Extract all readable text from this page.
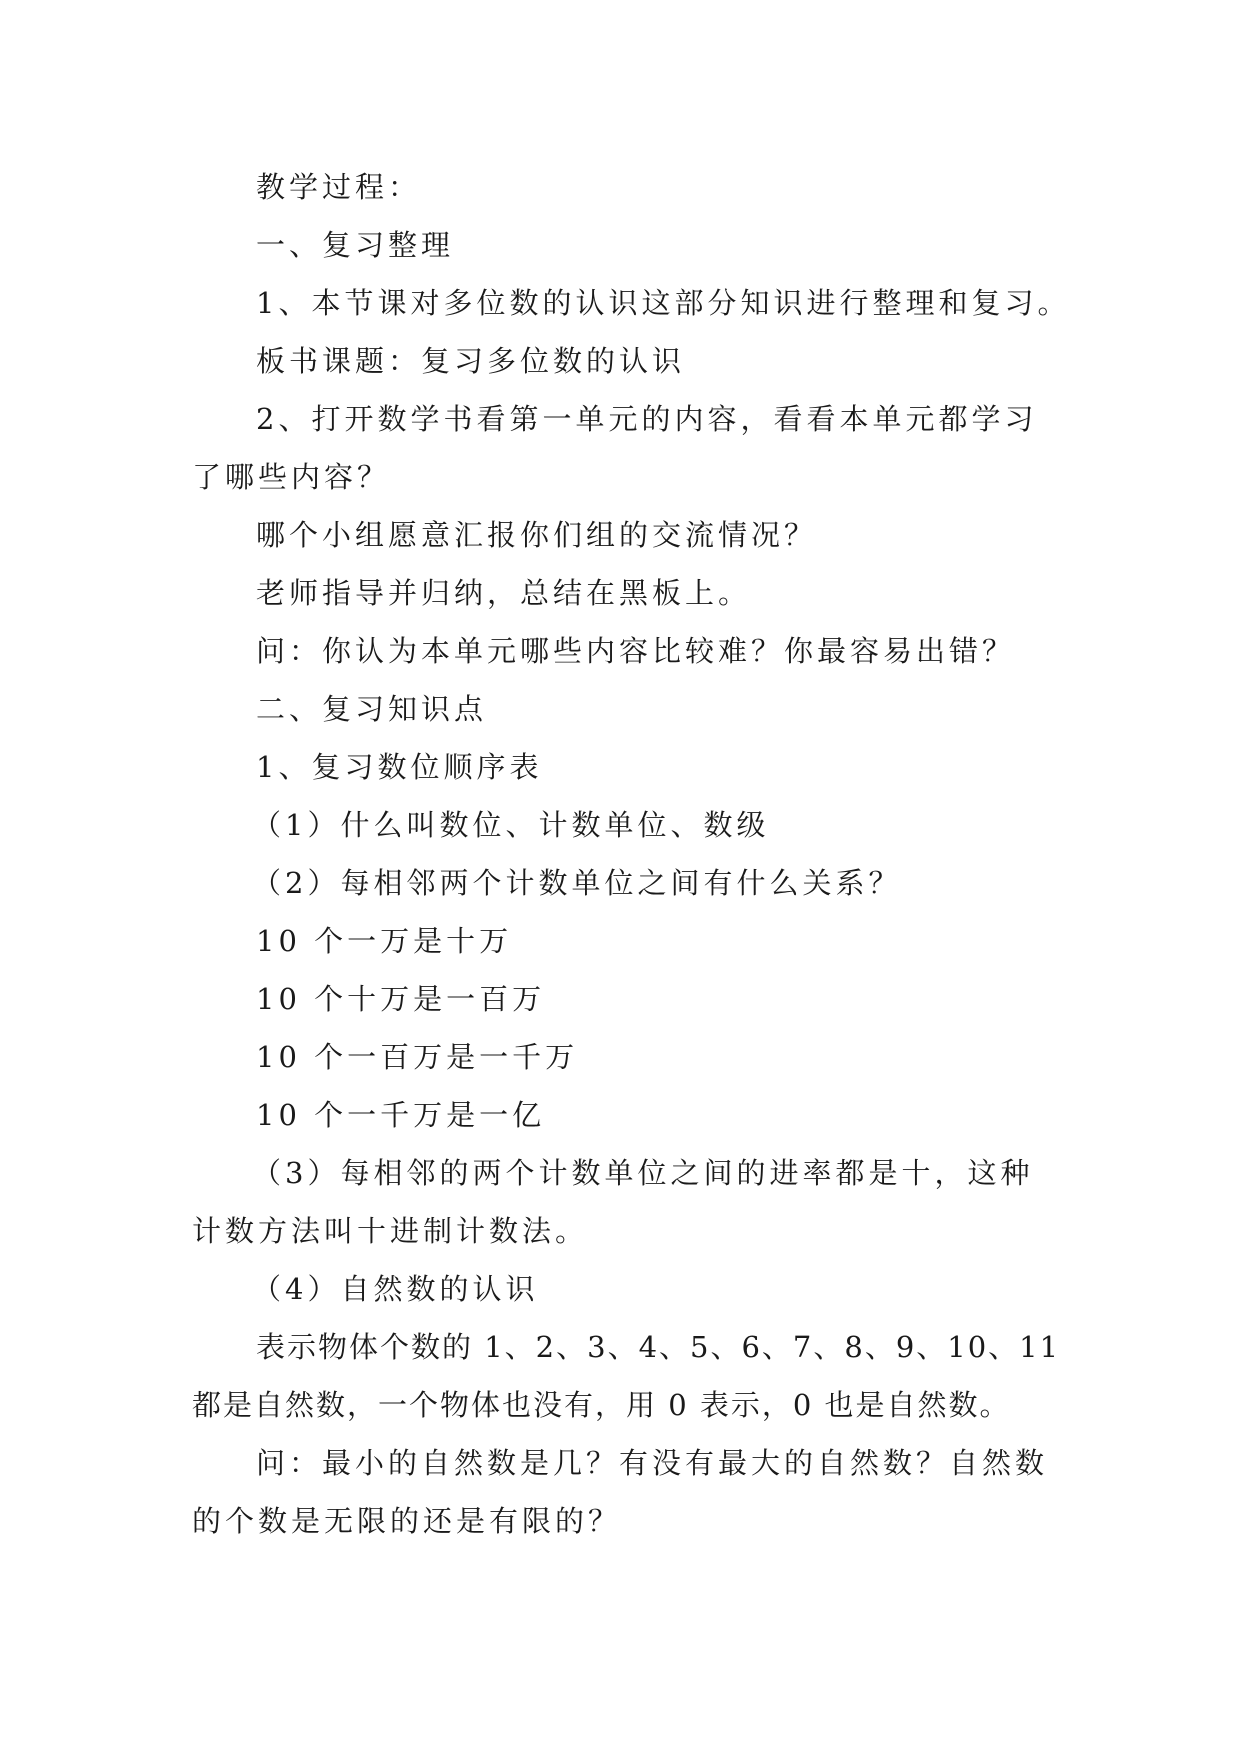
教学过程：

一、复习整理

1、本节课对多位数的认识这部分知识进行整理和复习。

板书课题：复习多位数的认识

2、打开数学书看第一单元的内容，看看本单元都学习

了哪些内容？

哪个小组愿意汇报你们组的交流情况？

老师指导并归纳，总结在黑板上。

问：你认为本单元哪些内容比较难？你最容易出错？

二、复习知识点

1、复习数位顺序表

（1）什么叫数位、计数单位、数级

（2）每相邻两个计数单位之间有什么关系？

10 个一万是十万

10 个十万是一百万

10 个一百万是一千万

10 个一千万是一亿

（3）每相邻的两个计数单位之间的进率都是十，这种

计数方法叫十进制计数法。

（4）自然数的认识

表示物体个数的 1、2、3、4、5、6、7、8、9、10、11

都是自然数，一个物体也没有，用 0 表示，0 也是自然数。

问：最小的自然数是几？有没有最大的自然数？自然数

的个数是无限的还是有限的？
